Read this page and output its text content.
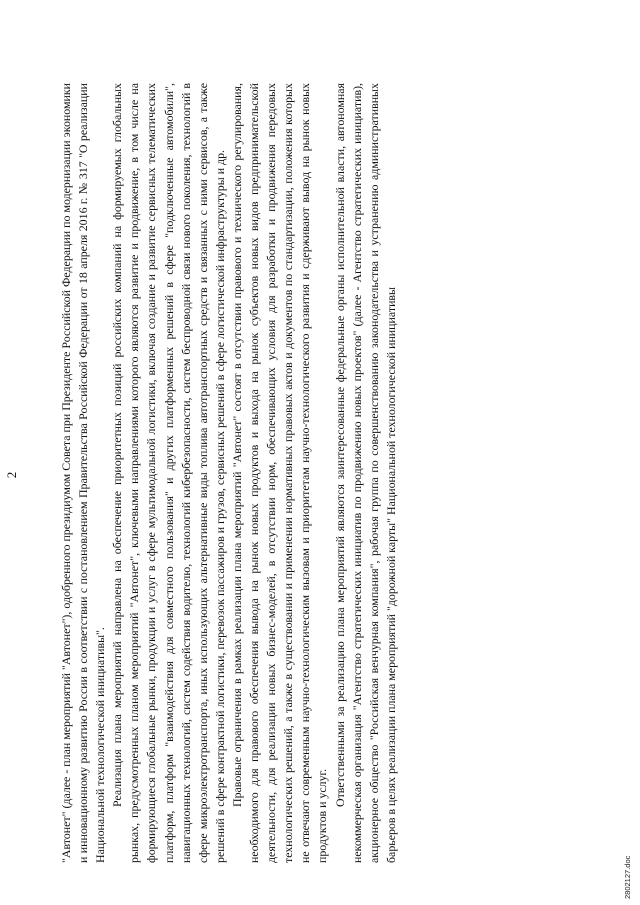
2	"Автонет" (далее - план мероприятий "Автонет"), одобренного президиумом Совета при Президенте Российской Федерации по модернизации экономики и инновационному развитию России в соответствии с постановлением Правительства Российской Федерации от 18 апреля 2016 г. № 317 "О реализации Национальной технологической инициативы". Реализация плана мероприятий направлена на обеспечение приоритетных позиций российских компаний на формируемых глобальных рынках, предусмотренных планом мероприятий "Автонет", ключевыми направлениями которого являются развитие и продвижение, в том числе на формирующиеся глобальные рынки, продукции и услуг в сфере мультимодальной логистики, включая создание и развитие сервисных телематических платформ, платформ "взаимодействия для совместного пользования" и других платформенных решений в сфере "подключенные автомобили", навигационных технологий, систем содействия водителю, технологий кибербезопасности, систем беспроводной связи нового поколения, технологий в сфере микроэлектротранспорта, иных использующих альтернативные виды топлива автотранспортных средств и связанных с ними сервисов, а также решений в сфере контрактной логистики, перевозок пассажиров и грузов, сервисных решений в сфере логистической инфраструктуры и др. Правовые ограничения в рамках реализации плана мероприятий "Автонет" состоят в отсутствии правового и технического регулирования, необходимого для правового обеспечения вывода на рынок новых продуктов и выхода на рынок субъектов новых видов предпринимательской деятельности, для реализации новых бизнес-моделей, в отсутствии норм, обеспечивающих условия для разработки и продвижения передовых технологических решений, а также в существовании и применении нормативных правовых актов и документов по стандартизации, положения которых не отвечают современным научно-технологическим вызовам и приоритетам научно-технологического развития и сдерживают вывод на рынок новых продуктов и услуг.

Ответственными за реализацию плана мероприятий являются заинтересованные федеральные органы исполнительной власти, автономная некоммерческая организация "Агентство стратегических инициатив по продвижению новых проектов" (далее - Агентство стратегических инициатив), акционерное общество "Российская венчурная компания", рабочая группа по совершенствованию законодательства и устранению административных барьеров в целях реализации плана мероприятий "дорожной карты" Национальной технологической инициативы

2802127.doc
